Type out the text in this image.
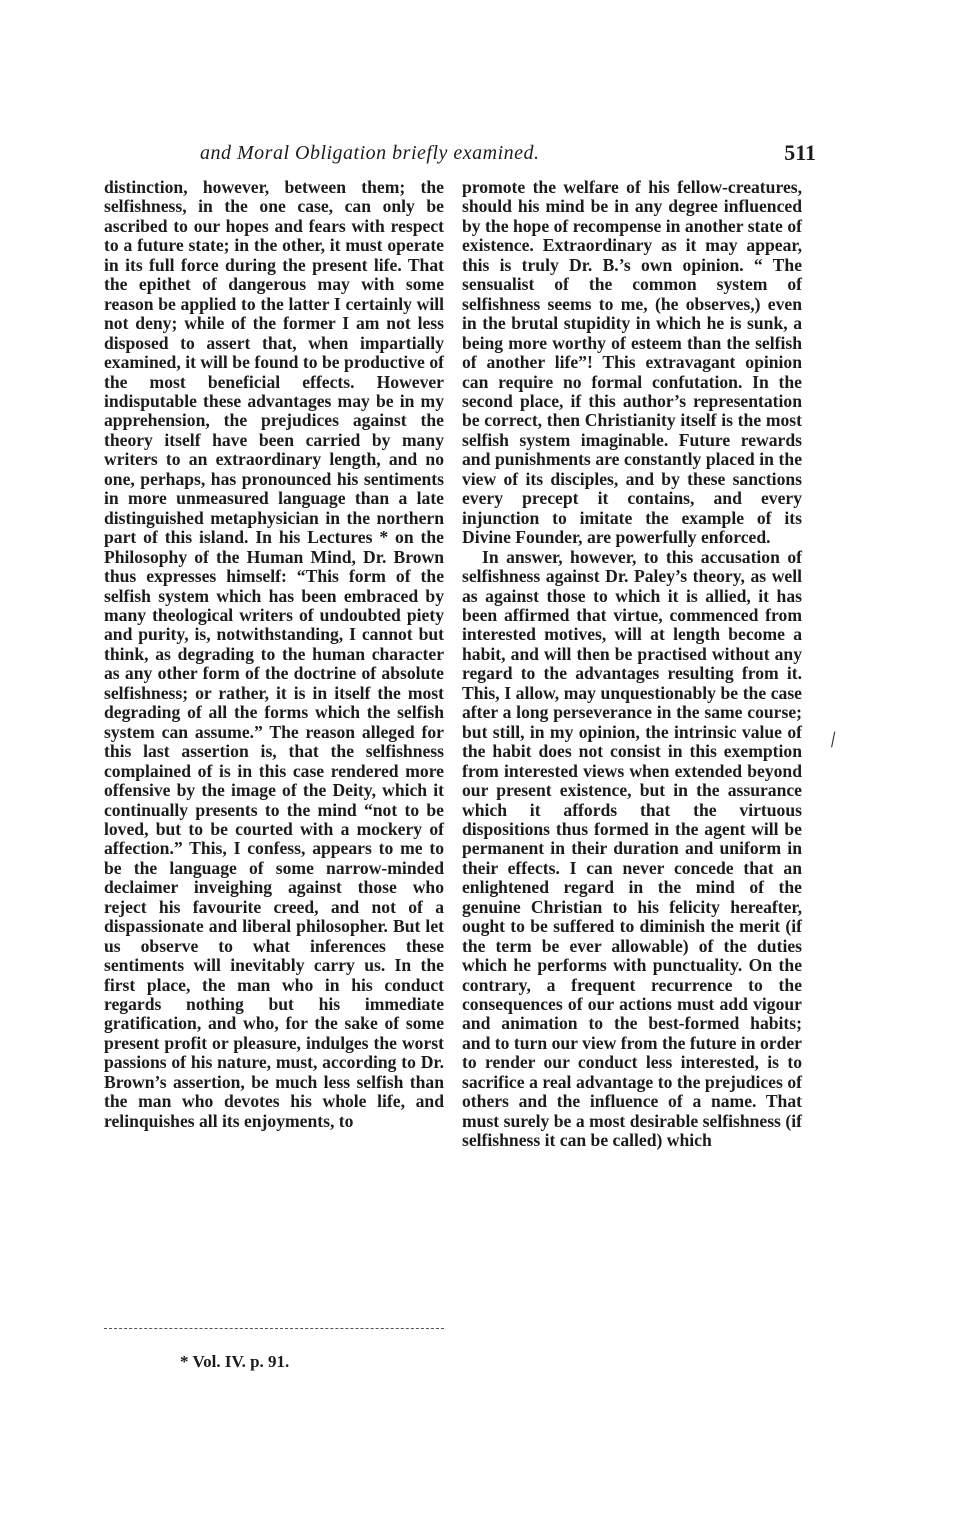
and Moral Obligation briefly examined.	511

distinction, however, between them; the selfishness, in the one case, can only be ascribed to our hopes and fears with respect to a future state; in the other, it must operate in its full force during the present life. That the epithet of dangerous may with some reason be applied to the latter I certainly will not deny; while of the former I am not less disposed to assert that, when impartially examined, it will be found to be productive of the most beneficial effects. However indisputable these advantages may be in my apprehension, the prejudices against the theory itself have been carried by many writers to an extraordinary length, and no one, perhaps, has pronounced his sentiments in more unmeasured language than a late distinguished metaphysician in the northern part of this island. In his Lectures * on the Philosophy of the Human Mind, Dr. Brown thus expresses himself: “This form of the selfish system which has been embraced by many theological writers of undoubted piety and purity, is, notwithstanding, I cannot but think, as degrading to the human character as any other form of the doctrine of absolute selfishness; or rather, it is in itself the most degrading of all the forms which the selfish system can assume.” The reason alleged for this last assertion is, that the selfishness complained of is in this case rendered more offensive by the image of the Deity, which it continually presents to the mind “not to be loved, but to be courted with a mockery of affection.” This, I confess, appears to me to be the language of some narrow-minded declaimer inveighing against those who reject his favourite creed, and not of a dispassionate and liberal philosopher. But let us observe to what inferences these sentiments will inevitably carry us. In the first place, the man who in his conduct regards nothing but his immediate gratification, and who, for the sake of some present profit or pleasure, indulges the worst passions of his nature, must, according to Dr. Brown’s assertion, be much less selfish than the man who devotes his whole life, and relinquishes all its enjoyments, to

promote the welfare of his fellow-creatures, should his mind be in any degree influenced by the hope of recompense in another state of existence. Extraordinary as it may appear, this is truly Dr. B.’s own opinion. “ The sensualist of the common system of selfishness seems to me, (he observes,) even in the brutal stupidity in which he is sunk, a being more worthy of esteem than the selfish of another life”! This extravagant opinion can require no formal confutation. In the second place, if this author’s representation be correct, then Christianity itself is the most selfish system imaginable. Future rewards and punishments are constantly placed in the view of its disciples, and by these sanctions every precept it contains, and every injunction to imitate the example of its Divine Founder, are powerfully enforced.

In answer, however, to this accusation of selfishness against Dr. Paley’s theory, as well as against those to which it is allied, it has been affirmed that virtue, commenced from interested motives, will at length become a habit, and will then be practised without any regard to the advantages resulting from it. This, I allow, may unquestionably be the case after a long perseverance in the same course; but still, in my opinion, the intrinsic value of the habit does not consist in this exemption from interested views when extended beyond our present existence, but in the assurance which it affords that the virtuous dispositions thus formed in the agent will be permanent in their duration and uniform in their effects. I can never concede that an enlightened regard in the mind of the genuine Christian to his felicity hereafter, ought to be suffered to diminish the merit (if the term be ever allowable) of the duties which he performs with punctuality. On the contrary, a frequent recurrence to the consequences of our actions must add vigour and animation to the best-formed habits; and to turn our view from the future in order to render our conduct less interested, is to sacrifice a real advantage to the prejudices of others and the influence of a name. That must surely be a most desirable selfishness (if selfishness it can be called) which

* Vol. IV. p. 91.
⁄
